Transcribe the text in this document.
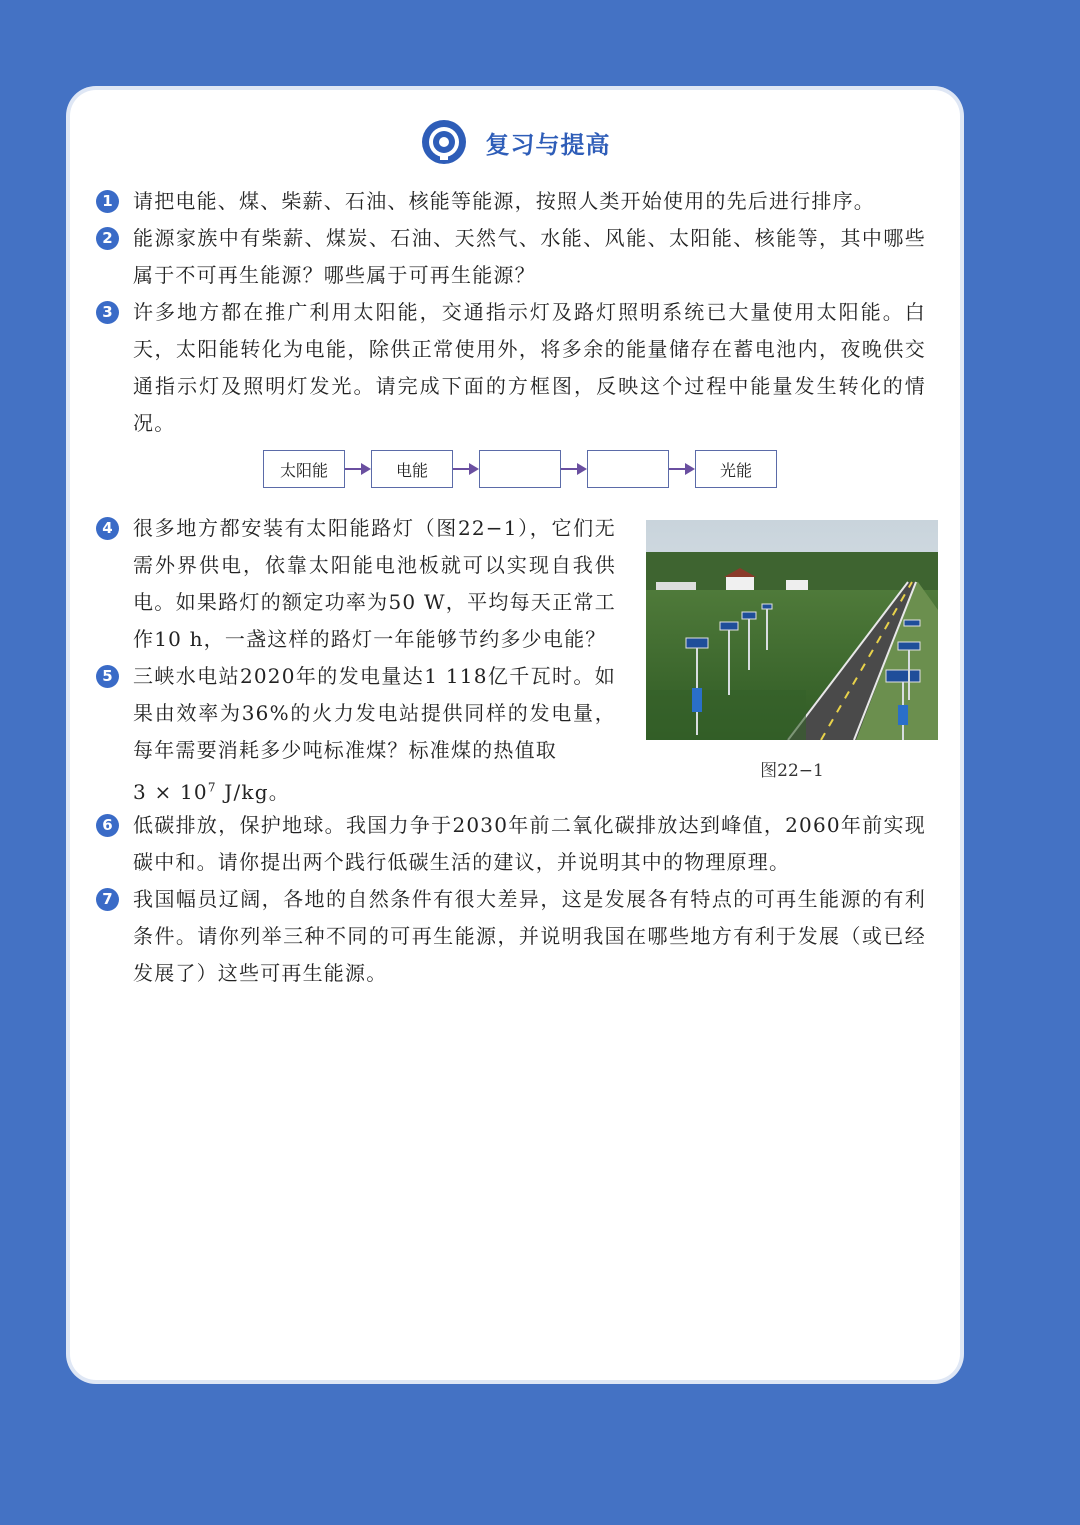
复习与提高
1	请把电能、煤、柴薪、石油、核能等能源，按照人类开始使用的先后进行排序。
2	能源家族中有柴薪、煤炭、石油、天然气、水能、风能、太阳能、核能等，其中哪些属于不可再生能源？哪些属于可再生能源？
3	许多地方都在推广利用太阳能，交通指示灯及路灯照明系统已大量使用太阳能。白天，太阳能转化为电能，除供正常使用外，将多余的能量储存在蓄电池内，夜晚供交通指示灯及照明灯发光。请完成下面的方框图，反映这个过程中能量发生转化的情况。
太阳能	电能	光能
4	很多地方都安装有太阳能路灯（图22−1），它们无需外界供电，依靠太阳能电池板就可以实现自我供电。如果路灯的额定功率为50 W，平均每天正常工作10 h，一盏这样的路灯一年能够节约多少电能？
5	三峡水电站2020年的发电量达1 118亿千瓦时。如果由效率为36%的火力发电站提供同样的发电量，每年需要消耗多少吨标准煤？标准煤的热值取
$3 \times 10^7$ J/kg。
图22−1
6	低碳排放，保护地球。我国力争于2030年前二氧化碳排放达到峰值，2060年前实现碳中和。请你提出两个践行低碳生活的建议，并说明其中的物理原理。
7	我国幅员辽阔，各地的自然条件有很大差异，这是发展各有特点的可再生能源的有利条件。请你列举三种不同的可再生能源，并说明我国在哪些地方有利于发展（或已经发展了）这些可再生能源。
